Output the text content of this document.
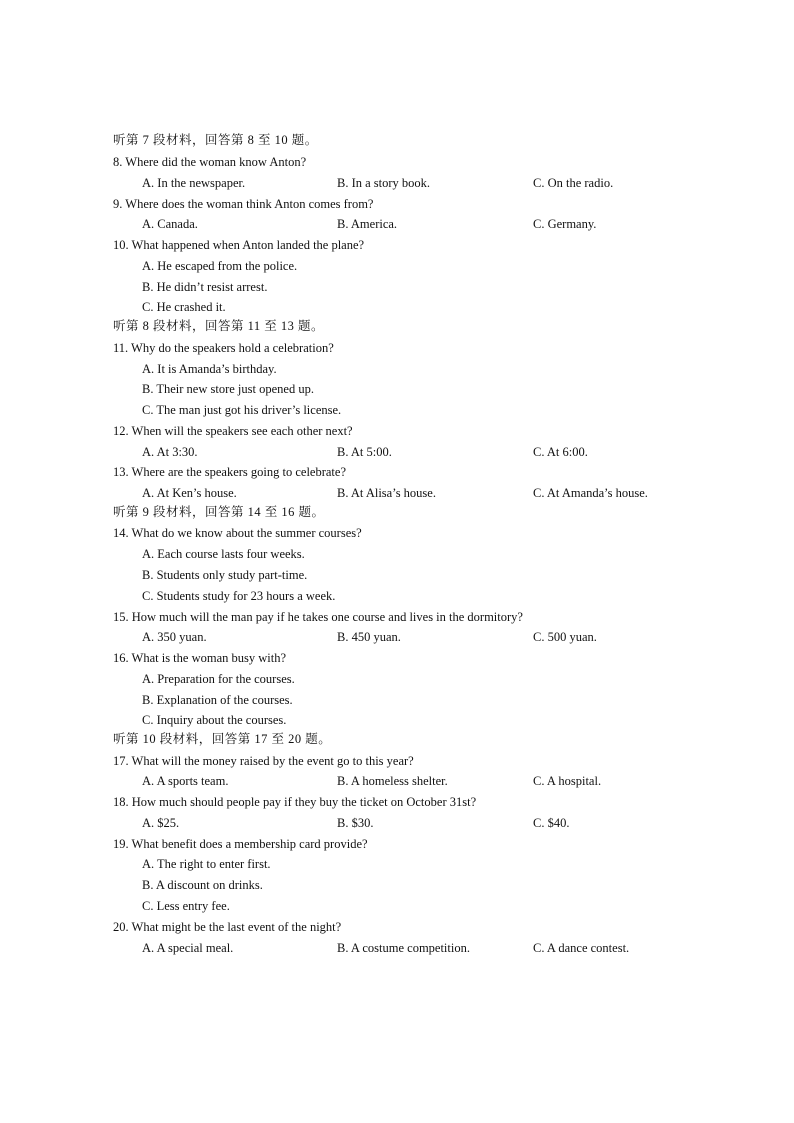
听第 7 段材料，回答第 8 至 10 题。
8. Where did the woman know Anton?
A. In the newspaper.	B. In a story book.	C. On the radio.
9. Where does the woman think Anton comes from?
A. Canada.	B. America.	C. Germany.
10. What happened when Anton landed the plane?
A. He escaped from the police.
B. He didn’t resist arrest.
C. He crashed it.
听第 8 段材料，回答第 11 至 13 题。
11. Why do the speakers hold a celebration?
A. It is Amanda’s birthday.
B. Their new store just opened up.
C. The man just got his driver’s license.
12. When will the speakers see each other next?
A. At 3:30.	B. At 5:00.	C. At 6:00.
13. Where are the speakers going to celebrate?
A. At Ken’s house.	B. At Alisa’s house.	C. At Amanda’s house.
听第 9 段材料，回答第 14 至 16 题。
14. What do we know about the summer courses?
A. Each course lasts four weeks.
B. Students only study part-time.
C. Students study for 23 hours a week.
15. How much will the man pay if he takes one course and lives in the dormitory?
A. 350 yuan.	B. 450 yuan.	C. 500 yuan.
16. What is the woman busy with?
A. Preparation for the courses.
B. Explanation of the courses.
C. Inquiry about the courses.
听第 10 段材料，回答第 17 至 20 题。
17. What will the money raised by the event go to this year?
A. A sports team.	B. A homeless shelter.	C. A hospital.
18. How much should people pay if they buy the ticket on October 31st?
A. $25.	B. $30.	C. $40.
19. What benefit does a membership card provide?
A. The right to enter first.
B. A discount on drinks.
C. Less entry fee.
20. What might be the last event of the night?
A. A special meal.	B. A costume competition.	C. A dance contest.
